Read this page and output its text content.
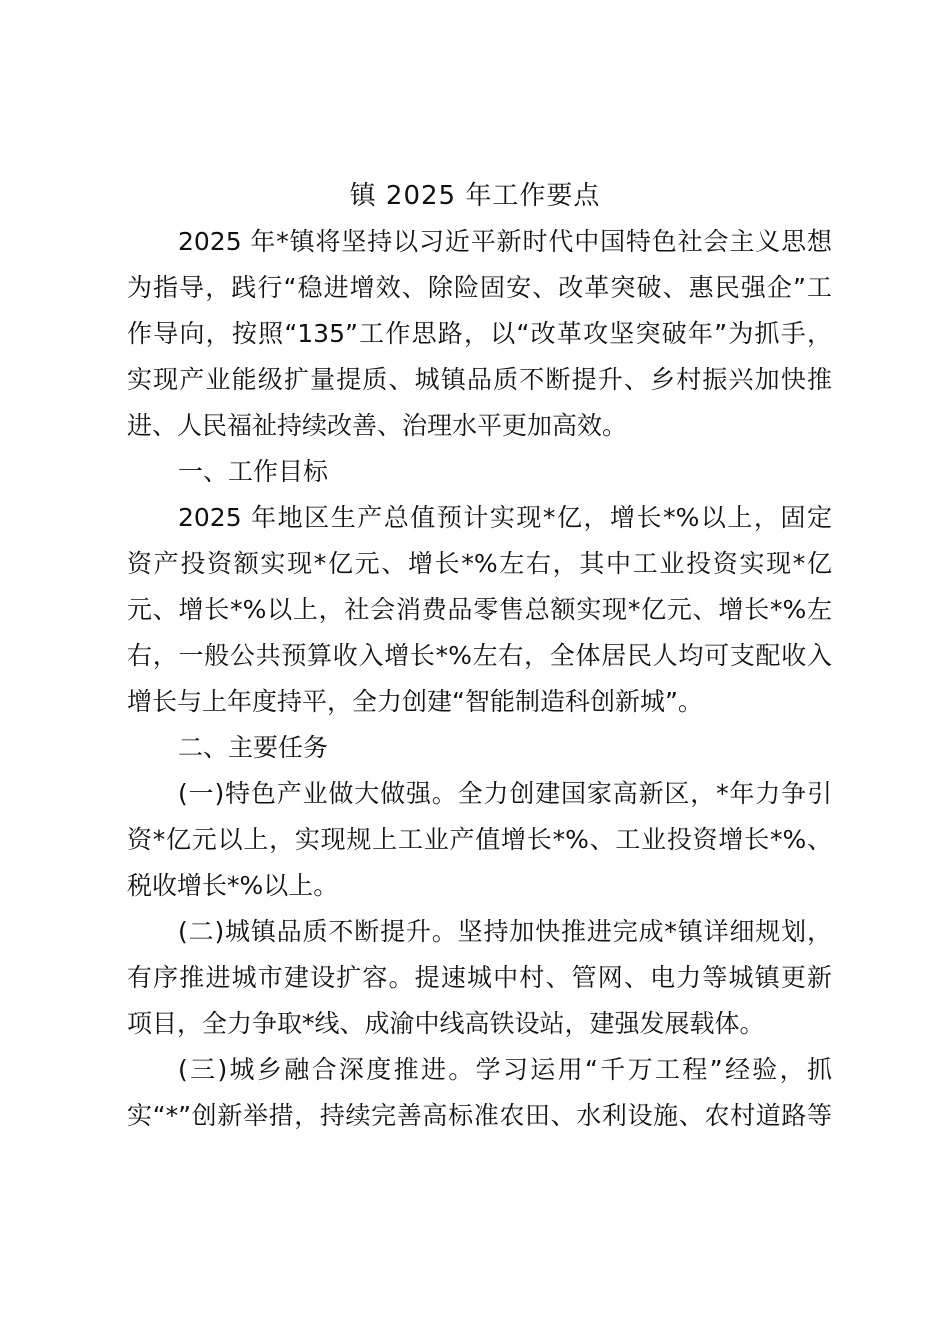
镇 2025 年工作要点
2025 年*镇将坚持以习近平新时代中国特色社会主义思想
为指导，践行“稳进增效、除险固安、改革突破、惠民强企”工
作导向，按照“135”工作思路，以“改革攻坚突破年”为抓手，
实现产业能级扩量提质、城镇品质不断提升、乡村振兴加快推
进、人民福祉持续改善、治理水平更加高效。
一、工作目标
2025 年地区生产总值预计实现*亿，增长*%以上，固定
资产投资额实现*亿元、增长*%左右，其中工业投资实现*亿
元、增长*%以上，社会消费品零售总额实现*亿元、增长*%左
右，一般公共预算收入增长*%左右，全体居民人均可支配收入
增长与上年度持平，全力创建“智能制造科创新城”。
二、主要任务
(一)特色产业做大做强。全力创建国家高新区，*年力争引
资*亿元以上，实现规上工业产值增长*%、工业投资增长*%、
税收增长*%以上。
(二)城镇品质不断提升。坚持加快推进完成*镇详细规划，
有序推进城市建设扩容。提速城中村、管网、电力等城镇更新
项目，全力争取*线、成渝中线高铁设站，建强发展载体。
(三)城乡融合深度推进。学习运用“千万工程”经验，抓
实“*”创新举措，持续完善高标准农田、水利设施、农村道路等
